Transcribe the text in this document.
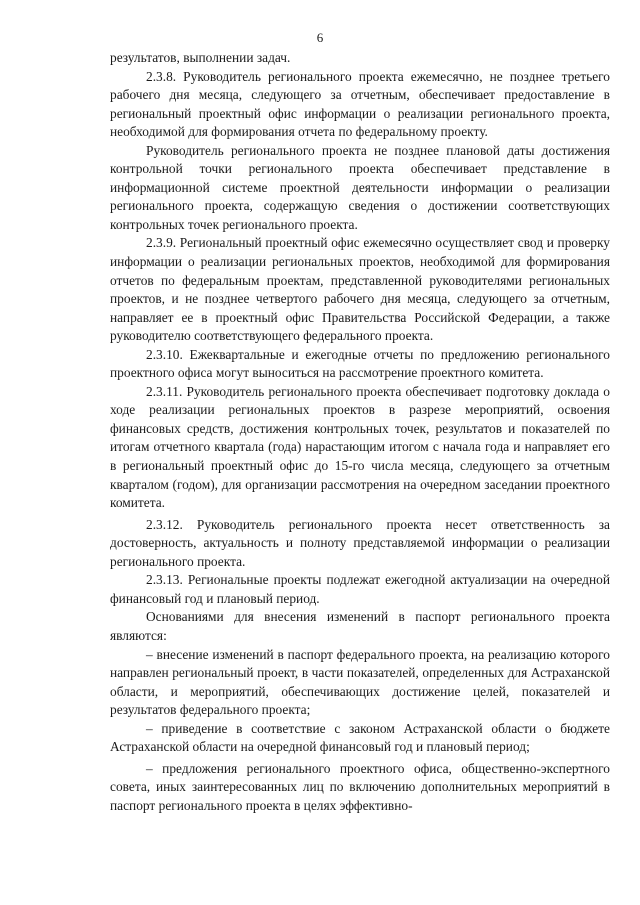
6

результатов, выполнении задач.

2.3.8. Руководитель регионального проекта ежемесячно, не позднее третьего рабочего дня месяца, следующего за отчетным, обеспечивает предоставление в региональный проектный офис информации о реализации регионального проекта, необходимой для формирования отчета по федеральному проекту.

Руководитель регионального проекта не позднее плановой даты достижения контрольной точки регионального проекта обеспечивает представление в информационной системе проектной деятельности информации о реализации регионального проекта, содержащую сведения о достижении соответствующих контрольных точек регионального проекта.

2.3.9. Региональный проектный офис ежемесячно осуществляет свод и проверку информации о реализации региональных проектов, необходимой для формирования отчетов по федеральным проектам, представленной руководителями региональных проектов, и не позднее четвертого рабочего дня месяца, следующего за отчетным, направляет ее в проектный офис Правительства Российской Федерации, а также руководителю соответствующего федерального проекта.

2.3.10. Ежеквартальные и ежегодные отчеты по предложению регионального проектного офиса могут выноситься на рассмотрение проектного комитета.

2.3.11. Руководитель регионального проекта обеспечивает подготовку доклада о ходе реализации региональных проектов в разрезе мероприятий, освоения финансовых средств, достижения контрольных точек, результатов и показателей по итогам отчетного квартала (года) нарастающим итогом с начала года и направляет его в региональный проектный офис до 15-го числа месяца, следующего за отчетным кварталом (годом), для организации рассмотрения на очередном заседании проектного комитета.

2.3.12. Руководитель регионального проекта несет ответственность за достоверность, актуальность и полноту представляемой информации о реализации регионального проекта.

2.3.13. Региональные проекты подлежат ежегодной актуализации на очередной финансовый год и плановый период.

Основаниями для внесения изменений в паспорт регионального проекта являются:

– внесение изменений в паспорт федерального проекта, на реализацию которого направлен региональный проект, в части показателей, определенных для Астраханской области, и мероприятий, обеспечивающих достижение целей, показателей и результатов федерального проекта;

– приведение в соответствие с законом Астраханской области о бюджете Астраханской области на очередной финансовый год и плановый период;

– предложения регионального проектного офиса, общественно-экспертного совета, иных заинтересованных лиц по включению дополнительных мероприятий в паспорт регионального проекта в целях эффективно-
